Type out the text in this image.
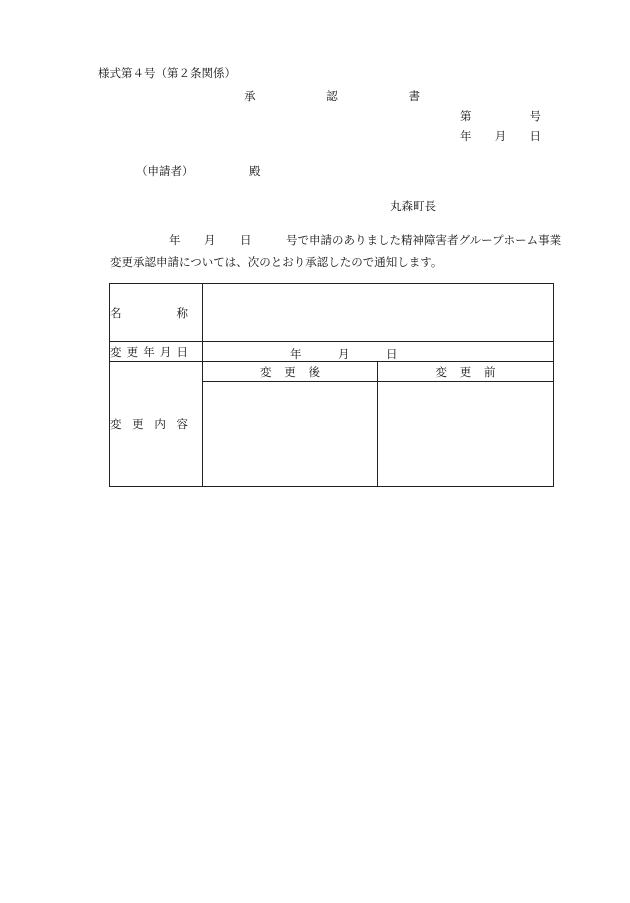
様式第４号（第２条関係）
承	認	書
第	号
年 月 日
（申請者）	殿
丸森町長
年 月 日	号で申請のありました精神障害者グループホーム事業
変更承認申請については、次のとおり承認したので通知します。
名 称		

変 更 年 月 日	年 月 日	

変 更 内 容	変 更 後	変 更 前
